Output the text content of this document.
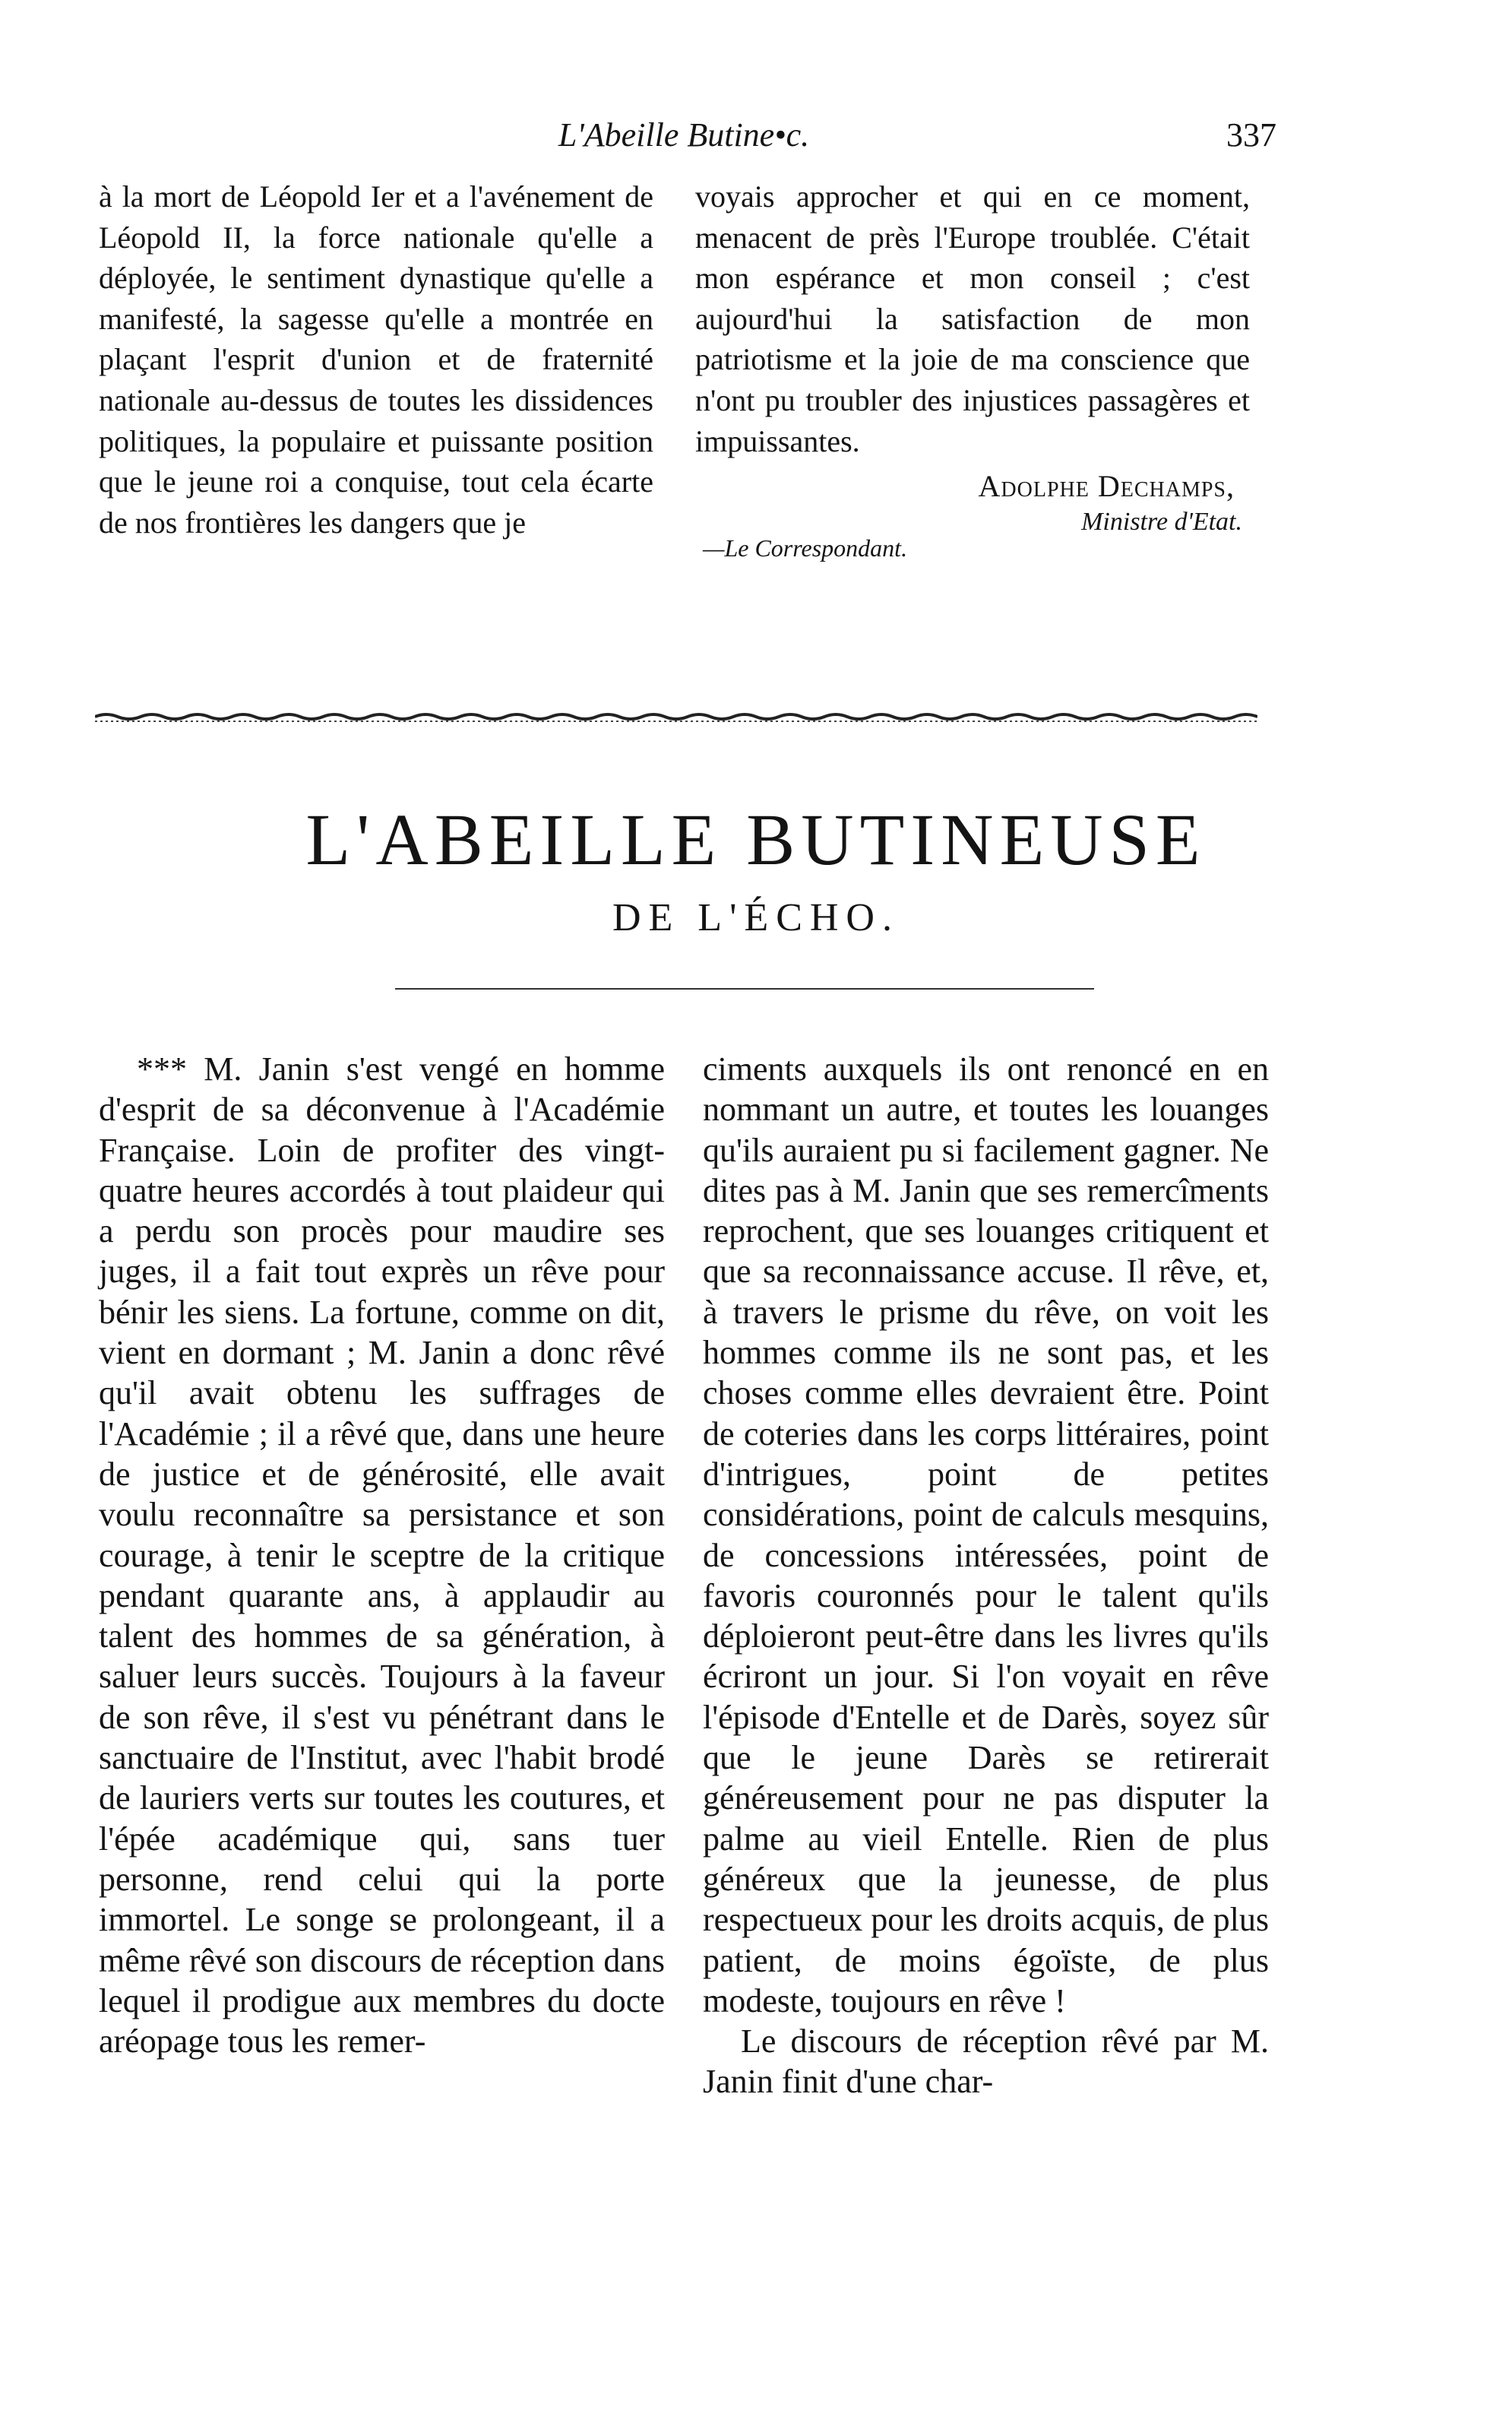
L'Abeille Butine•c.	337

à la mort de Léopold Ier et a l'avénement de Léopold II, la force nationale qu'elle a déployée, le sentiment dynastique qu'elle a manifesté, la sagesse qu'elle a montrée en plaçant l'esprit d'union et de fraternité nationale au-dessus de toutes les dissidences politiques, la populaire et puissante position que le jeune roi a conquise, tout cela écarte de nos frontières les dangers que je

voyais approcher et qui en ce moment, menacent de près l'Europe troublée. C'était mon espérance et mon conseil ; c'est aujourd'hui la satisfaction de mon patriotisme et la joie de ma conscience que n'ont pu troubler des injustices passagères et impuissantes.

Adolphe Dechamps,
Ministre d'Etat.
—Le Correspondant.
L'ABEILLE BUTINEUSE
DE L'ÉCHO.

*** M. Janin s'est vengé en homme d'esprit de sa déconvenue à l'Académie Française. Loin de profiter des vingt-quatre heures accordés à tout plaideur qui a perdu son procès pour maudire ses juges, il a fait tout exprès un rêve pour bénir les siens. La fortune, comme on dit, vient en dormant ; M. Janin a donc rêvé qu'il avait obtenu les suffrages de l'Académie ; il a rêvé que, dans une heure de justice et de générosité, elle avait voulu reconnaître sa persistance et son courage, à tenir le sceptre de la critique pendant quarante ans, à applaudir au talent des hommes de sa génération, à saluer leurs succès. Toujours à la faveur de son rêve, il s'est vu pénétrant dans le sanctuaire de l'Institut, avec l'habit brodé de lauriers verts sur toutes les coutures, et l'épée académique qui, sans tuer personne, rend celui qui la porte immortel. Le songe se prolongeant, il a même rêvé son discours de réception dans lequel il prodigue aux membres du docte aréopage tous les remer-

ciments auxquels ils ont renoncé en en nommant un autre, et toutes les louanges qu'ils auraient pu si facilement gagner. Ne dites pas à M. Janin que ses remercîments reprochent, que ses louanges critiquent et que sa reconnaissance accuse. Il rêve, et, à travers le prisme du rêve, on voit les hommes comme ils ne sont pas, et les choses comme elles devraient être. Point de coteries dans les corps littéraires, point d'intrigues, point de petites considérations, point de calculs mesquins, de concessions intéressées, point de favoris couronnés pour le talent qu'ils déploieront peut-être dans les livres qu'ils écriront un jour. Si l'on voyait en rêve l'épisode d'Entelle et de Darès, soyez sûr que le jeune Darès se retirerait généreusement pour ne pas disputer la palme au vieil Entelle. Rien de plus généreux que la jeunesse, de plus respectueux pour les droits acquis, de plus patient, de moins égoïste, de plus modeste, toujours en rêve !

Le discours de réception rêvé par M. Janin finit d'une char-
